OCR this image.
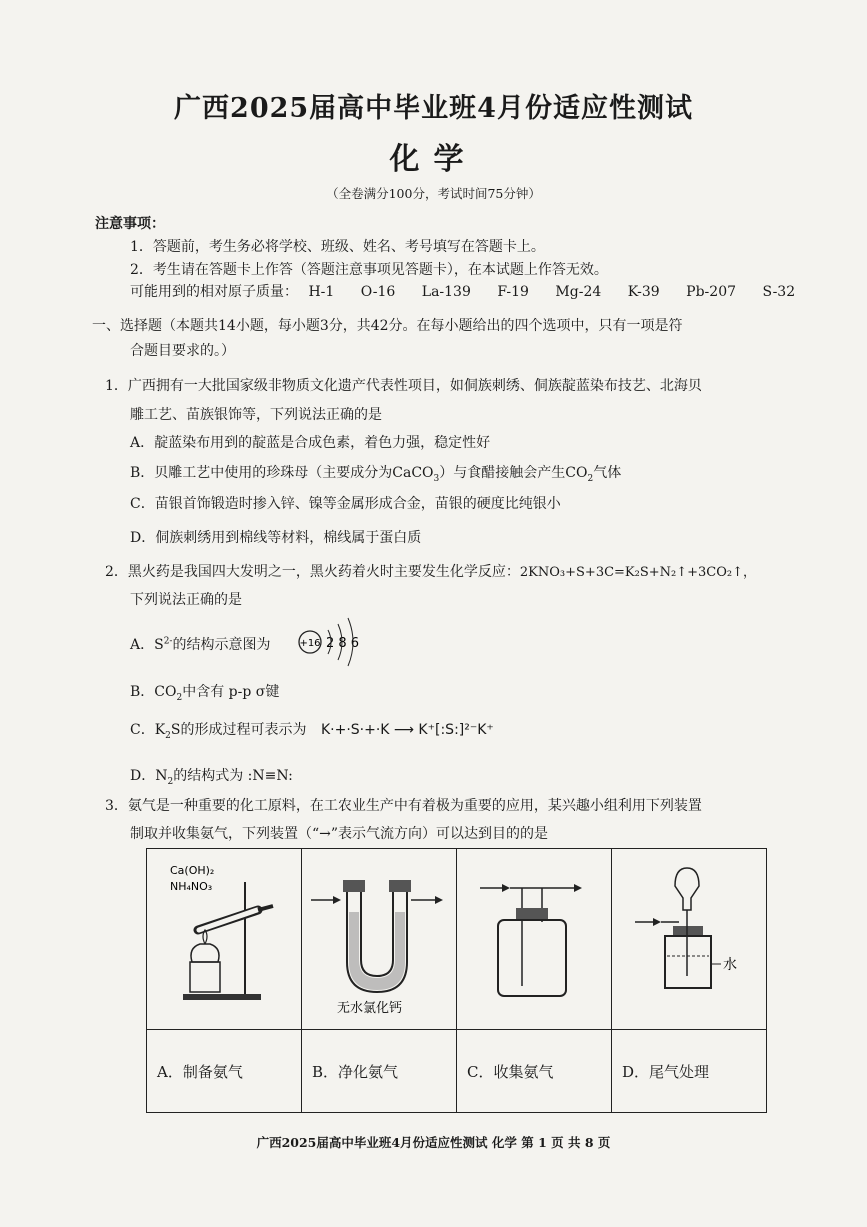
广西2025届高中毕业班4月份适应性测试
化学
（全卷满分100分，考试时间75分钟）
注意事项：
1．答题前，考生务必将学校、班级、姓名、考号填写在答题卡上。
2．考生请在答题卡上作答（答题注意事项见答题卡），在本试题上作答无效。
可能用到的相对原子质量： H-1 O-16 La-139 F-19 Mg-24 K-39 Pb-207 S-32
一、选择题（本题共14小题，每小题3分，共42分。在每小题给出的四个选项中，只有一项是符
合题目要求的。）
1．广西拥有一大批国家级非物质文化遗产代表性项目，如侗族刺绣、侗族靛蓝染布技艺、北海贝
雕工艺、苗族银饰等，下列说法正确的是
A．靛蓝染布用到的靛蓝是合成色素，着色力强，稳定性好
B．贝雕工艺中使用的珍珠母（主要成分为CaCO$_3$）与食醋接触会产生$CO_2$气体
C．苗银首饰锻造时掺入锌、镍等金属形成合金，苗银的硬度比纯银小
D．侗族刺绣用到棉线等材料，棉线属于蛋白质
2．黑火药是我国四大发明之一，黑火药着火时主要发生化学反应：2KNO₃+S+3C=K₂S+N₂↑+3CO₂↑，
下列说法正确的是
A．$S^{2-}$的结构示意图为	+16 2 8 6
B．$CO_2$中含有 p-p σ键
C．$K_2S$的形成过程可表示为 K·+·S·+·K ⟶ K⁺[:S:]²⁻K⁺
D．$N_2$的结构式为 :N≡N:
3．氨气是一种重要的化工原料，在工农业生产中有着极为重要的应用，某兴趣小组利用下列装置
制取并收集氨气，下列装置（“→”表示气流方向）可以达到目的的是
Ca(OH)₂
NH₄NO₃	无水氯化钙		水

A．制备氨气	B．净化氨气	C．收集氨气	D．尾气处理
广西2025届高中毕业班4月份适应性测试 化学 第 1 页 共 8 页
